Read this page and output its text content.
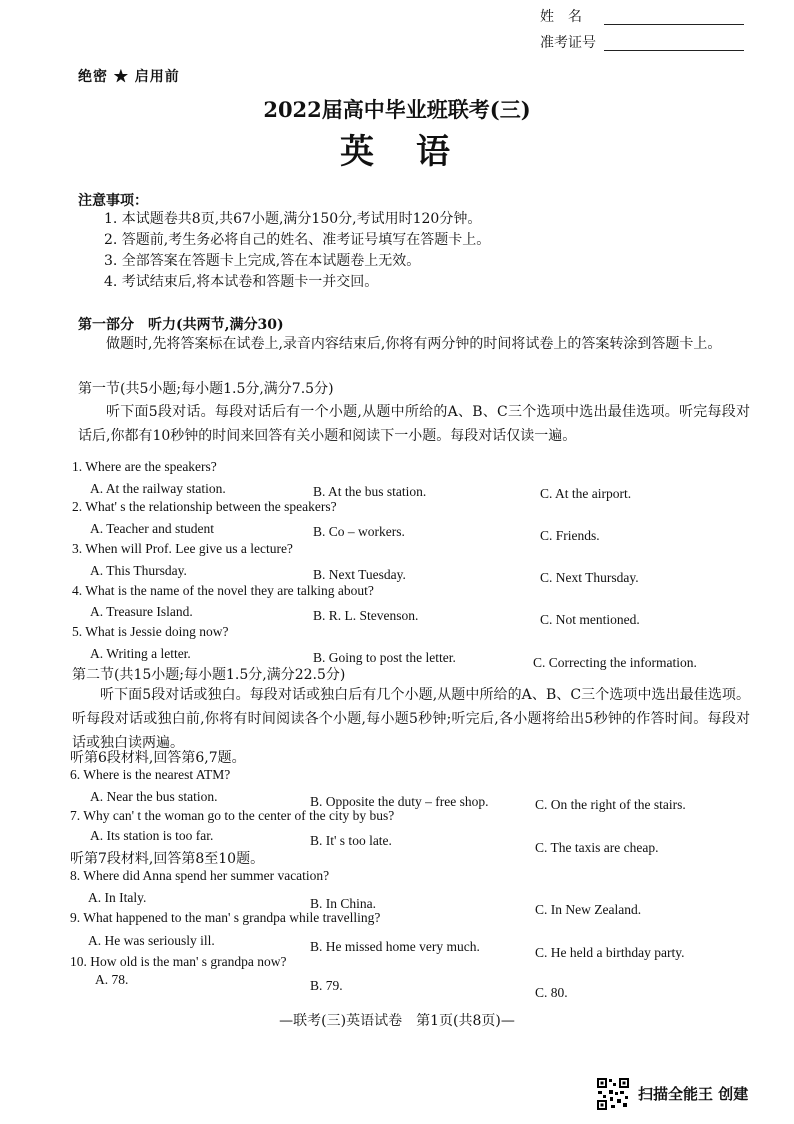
姓　名
准考证号
绝密 ★ 启用前
2022届高中毕业班联考(三)
英　语
注意事项：
1. 本试题卷共8页,共67小题,满分150分,考试用时120分钟。
2. 答题前,考生务必将自己的姓名、准考证号填写在答题卡上。
3. 全部答案在答题卡上完成,答在本试题卷上无效。
4. 考试结束后,将本试卷和答题卡一并交回。
第一部分　听力(共两节,满分30)
做题时,先将答案标在试卷上,录音内容结束后,你将有两分钟的时间将试卷上的答案转涂到答题卡上。
第一节(共5小题;每小题1.5分,满分7.5分)
听下面5段对话。每段对话后有一个小题,从题中所给的A、B、C三个选项中选出最佳选项。听完每段对话后,你都有10秒钟的时间来回答有关小题和阅读下一小题。每段对话仅读一遍。
1. Where are the speakers?
A. At the railway station.	B. At the bus station.	C. At the airport.
2. What' s the relationship between the speakers?
A. Teacher and student	B. Co – workers.	C. Friends.
3. When will Prof. Lee give us a lecture?
A. This Thursday.	B. Next Tuesday.	C. Next Thursday.
4. What is the name of the novel they are talking about?
A. Treasure Island.	B. R. L. Stevenson.	C. Not mentioned.
5. What is Jessie doing now?
A. Writing a letter.	B. Going to post the letter.	C. Correcting the information.
第二节(共15小题;每小题1.5分,满分22.5分)
听下面5段对话或独白。每段对话或独白后有几个小题,从题中所给的A、B、C三个选项中选出最佳选项。听每段对话或独白前,你将有时间阅读各个小题,每小题5秒钟;听完后,各小题将给出5秒钟的作答时间。每段对话或独白读两遍。
听第6段材料,回答第6,7题。
6. Where is the nearest ATM?
A. Near the bus station.	B. Opposite the duty – free shop.	C. On the right of the stairs.
7. Why can' t the woman go to the center of the city by bus?
A. Its station is too far.	B. It' s too late.	C. The taxis are cheap.
听第7段材料,回答第8至10题。
8. Where did Anna spend her summer vacation?
A. In Italy.	B. In China.	C. In New Zealand.
9. What happened to the man' s grandpa while travelling?
A. He was seriously ill.	B. He missed home very much.	C. He held a birthday party.
10. How old is the man' s grandpa now?
A. 78.	B. 79.	C. 80.
—联考(三)英语试卷　第1页(共8页)—
扫描全能王 创建
